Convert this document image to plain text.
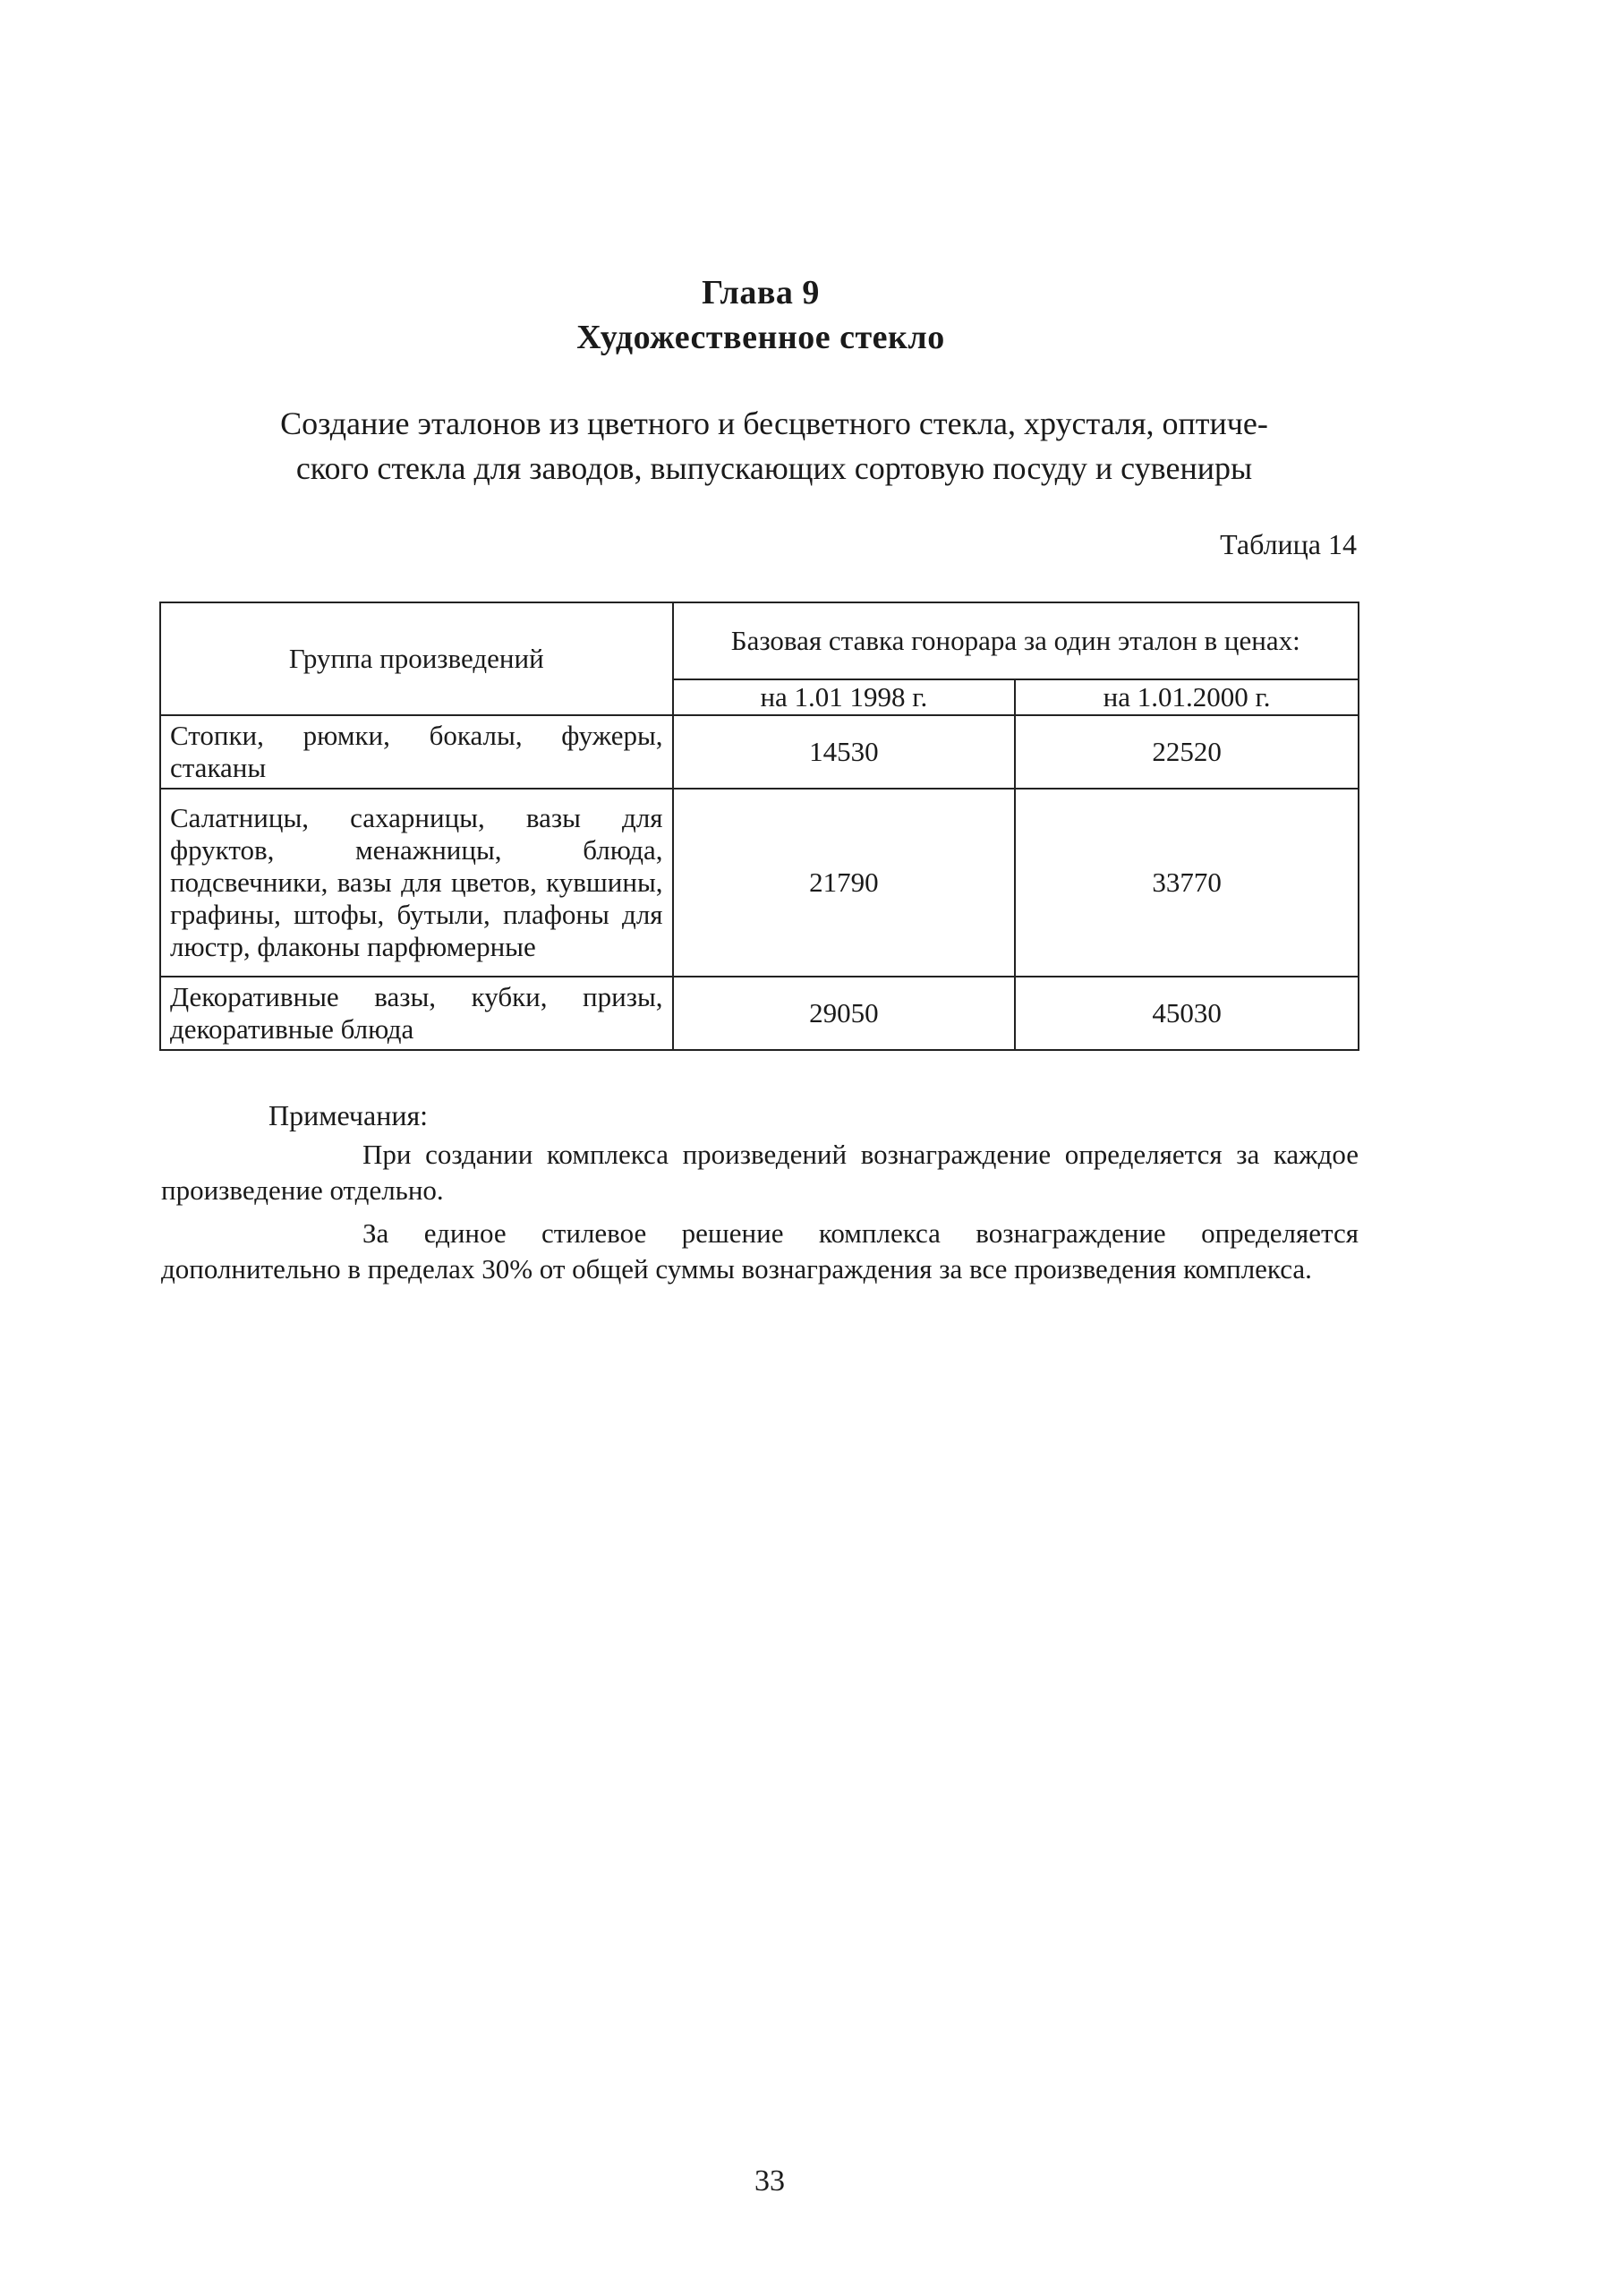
Глава 9
Художественное стекло
Создание эталонов из цветного и бесцветного стекла, хрусталя, оптиче-
ского стекла для заводов, выпускающих сортовую посуду и сувениры
Таблица 14
Группа произведений	Базовая ставка гонорара за один эталон в ценах:	
	на 1.01 1998 г.	на 1.01.2000 г.
Стопки, рюмки, бокалы, фужеры, стаканы	14530	22520
Салатницы, сахарницы, вазы для фруктов, менажницы, блюда, подсвечники, вазы для цветов, кувшины, графины, штофы, бутыли, плафоны для люстр, флаконы парфюмерные	21790	33770
Декоративные вазы, кубки, призы, декоративные блюда	29050	45030
Примечания:

При создании комплекса произведений вознаграждение определяется за каждое произведение отдельно.

За единое стилевое решение комплекса вознаграждение определяется дополнительно в пределах 30% от общей суммы вознаграждения за все произведения комплекса.

33
